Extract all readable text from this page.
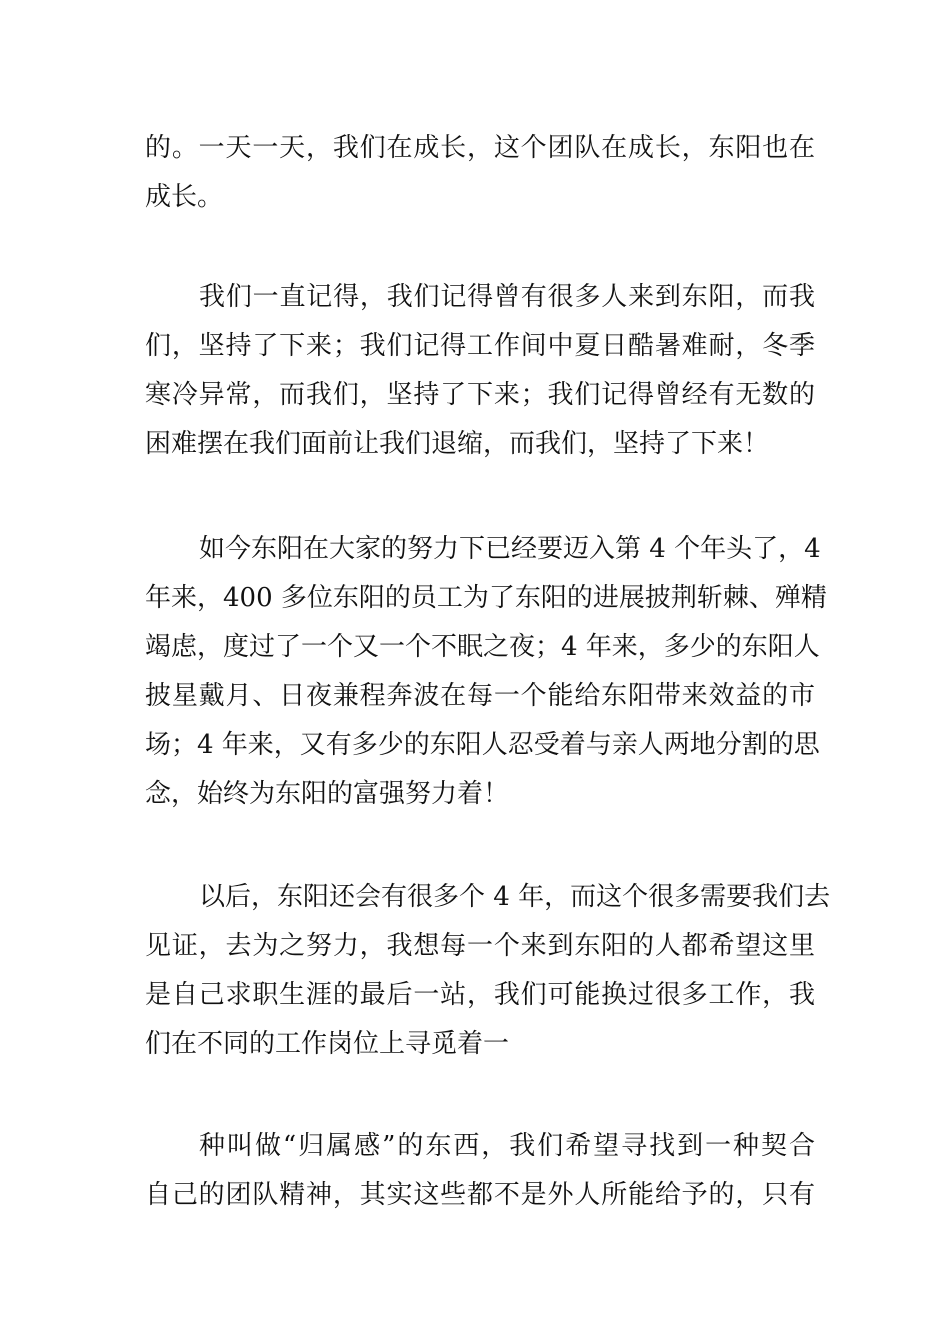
的。一天一天，我们在成长，这个团队在成长，东阳也在
成长。
我们一直记得，我们记得曾有很多人来到东阳，而我
们，坚持了下来；我们记得工作间中夏日酷暑难耐，冬季
寒冷异常，而我们，坚持了下来；我们记得曾经有无数的
困难摆在我们面前让我们退缩，而我们，坚持了下来！
如今东阳在大家的努力下已经要迈入第 4 个年头了，4
年来，400 多位东阳的员工为了东阳的进展披荆斩棘、殚精
竭虑，度过了一个又一个不眠之夜；4 年来，多少的东阳人
披星戴月、日夜兼程奔波在每一个能给东阳带来效益的市
场；4 年来，又有多少的东阳人忍受着与亲人两地分割的思
念，始终为东阳的富强努力着！
以后，东阳还会有很多个 4 年，而这个很多需要我们去
见证，去为之努力，我想每一个来到东阳的人都希望这里
是自己求职生涯的最后一站，我们可能换过很多工作，我
们在不同的工作岗位上寻觅着一
种叫做“归属感”的东西，我们希望寻找到一种契合
自己的团队精神，其实这些都不是外人所能给予的，只有
